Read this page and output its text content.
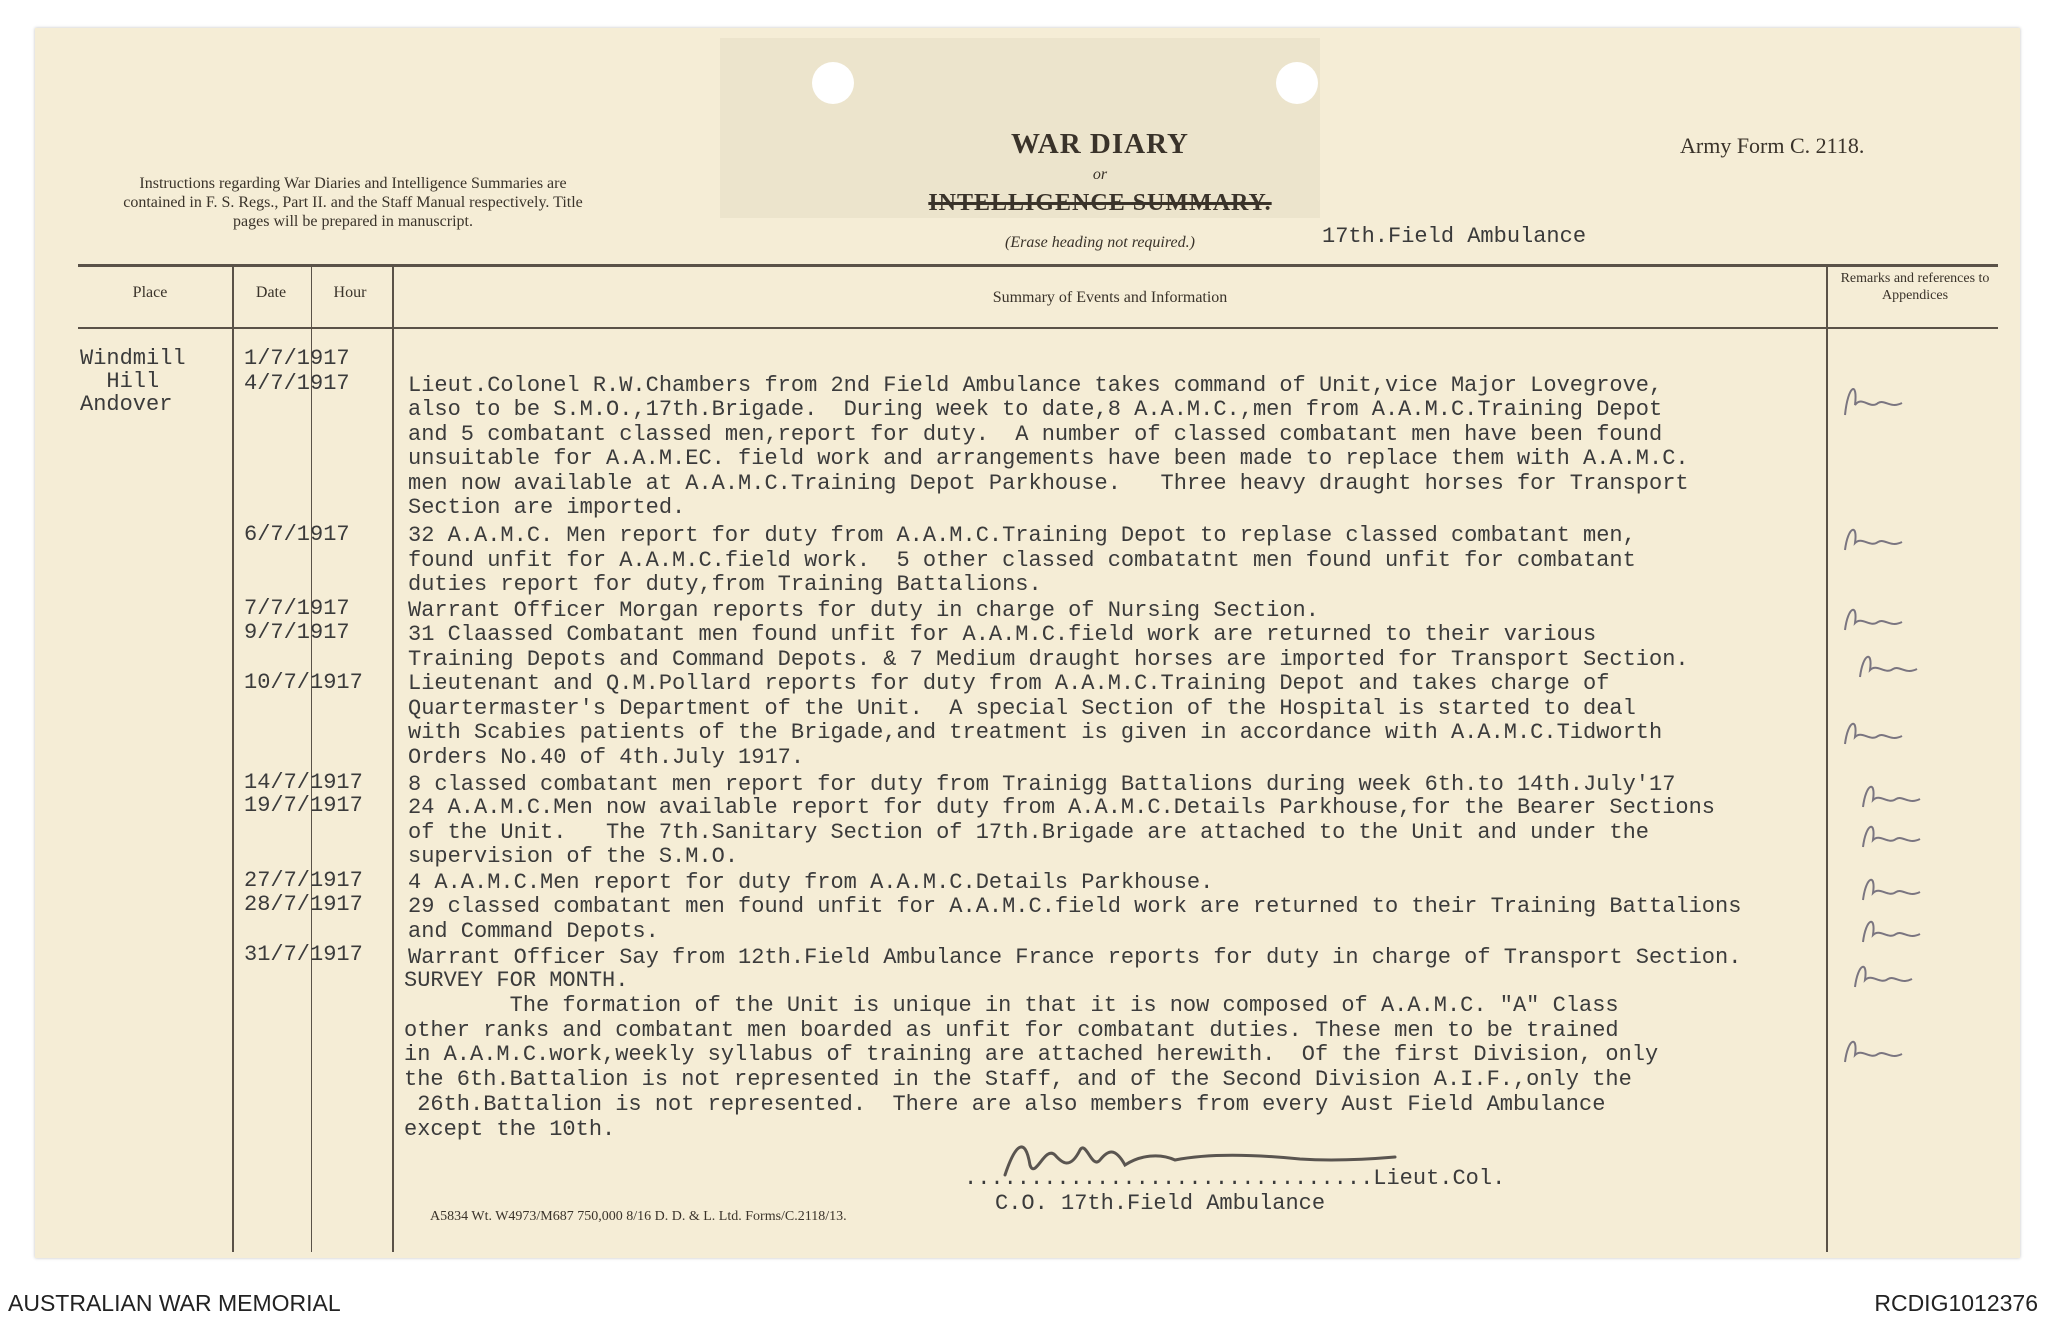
Instructions regarding War Diaries and Intelligence Summaries are contained in F. S. Regs., Part II. and the Staff Manual respectively. Title pages will be prepared in manuscript.
WAR DIARY
or
INTELLIGENCE SUMMARY.
(Erase heading not required.)
Army Form C. 2118.
17th.Field Ambulance
Place	Date	Hour	Summary of Events and Information
Remarks and references to Appendices
Windmill
Hill
Andover
1/7/1917
4/7/1917	Lieut.Colonel R.W.Chambers from 2nd Field Ambulance takes command of Unit,vice Major Lovegrove,
also to be S.M.O.,17th.Brigade.  During week to date,8 A.A.M.C.,men from A.A.M.C.Training Depot
and 5 combatant classed men,report for duty.  A number of classed combatant men have been found
unsuitable for A.A.M.EC. field work and arrangements have been made to replace them with A.A.M.C.
men now available at A.A.M.C.Training Depot Parkhouse.   Three heavy draught horses for Transport
Section are imported.
6/7/1917	32 A.A.M.C. Men report for duty from A.A.M.C.Training Depot to replase classed combatant men,
found unfit for A.A.M.C.field work.  5 other classed combatatnt men found unfit for combatant
duties report for duty,from Training Battalions.
7/7/1917	Warrant Officer Morgan reports for duty in charge of Nursing Section.
9/7/1917	31 Claassed Combatant men found unfit for A.A.M.C.field work are returned to their various
Training Depots and Command Depots. & 7 Medium draught horses are imported for Transport Section.
10/7/1917 Lieutenant and Q.M.Pollard reports for duty from A.A.M.C.Training Depot and takes charge of
Quartermaster's Department of the Unit.  A special Section of the Hospital is started to deal
with Scabies patients of the Brigade,and treatment is given in accordance with A.A.M.C.Tidworth
Orders No.40 of 4th.July 1917.
14/7/1917 8 classed combatant men report for duty from Trainigg Battalions during week 6th.to 14th.July'17
19/7/1917 24 A.A.M.C.Men now available report for duty from A.A.M.C.Details Parkhouse,for the Bearer Sections
of the Unit.   The 7th.Sanitary Section of 17th.Brigade are attached to the Unit and under the
supervision of the S.M.O.
27/7/1917 4 A.A.M.C.Men report for duty from A.A.M.C.Details Parkhouse.
28/7/1917 29 classed combatant men found unfit for A.A.M.C.field work are returned to their Training Battalions
and Command Depots.
31/7/1917 Warrant Officer Say from 12th.Field Ambulance France reports for duty in charge of Transport Section.
SURVEY FOR MONTH.
The formation of the Unit is unique in that it is now composed of A.A.M.C. "A" Class
other ranks and combatant men boarded as unfit for combatant duties. These men to be trained
in A.A.M.C.work,weekly syllabus of training are attached herewith.  Of the first Division, only
the 6th.Battalion is not represented in the Staff, and of the Second Division A.I.F.,only the
26th.Battalion is not represented.  There are also members from every Aust Field Ambulance
except the 10th.
...............................Lieut.Col.
C.O. 17th.Field Ambulance
A5834 Wt. W4973/M687 750,000 8/16 D. D. & L. Ltd. Forms/C.2118/13.
AUSTRALIAN WAR MEMORIAL	RCDIG1012376
